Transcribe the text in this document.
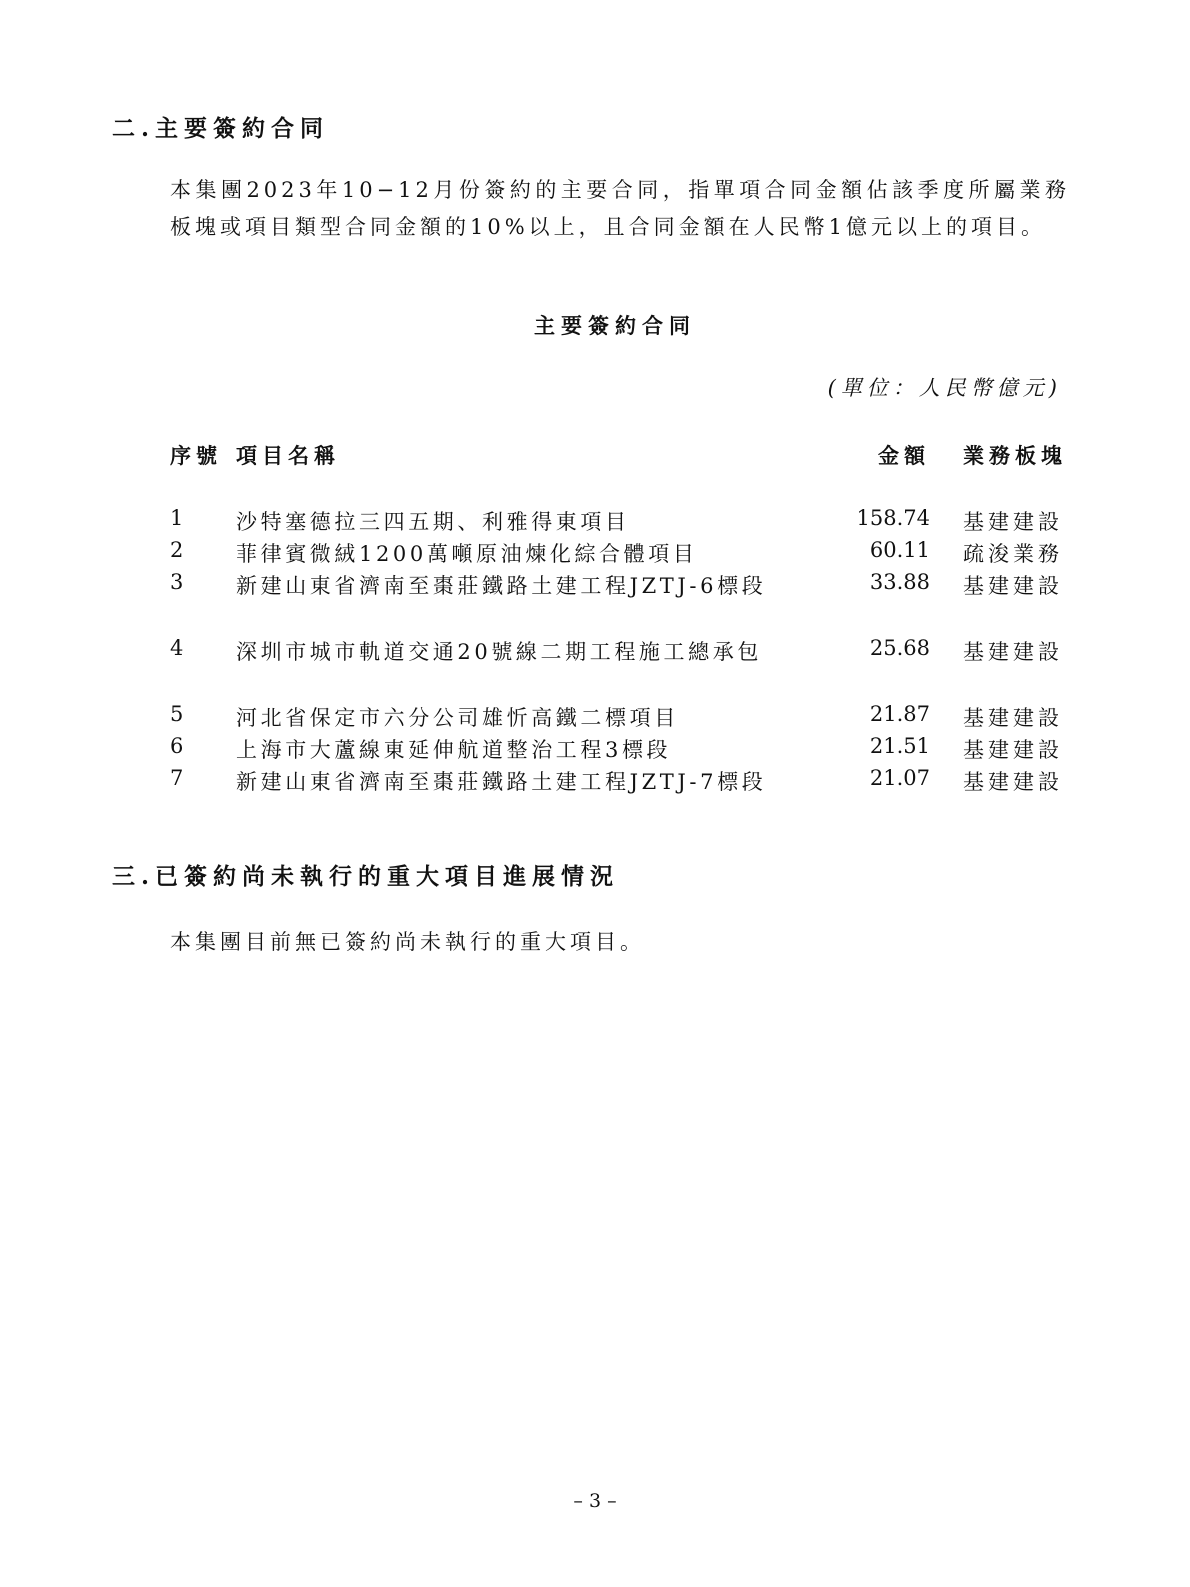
二.主要簽約合同

本集團2023年10−12月份簽約的主要合同，指單項合同金額佔該季度所屬業務板塊或項目類型合同金額的10%以上，且合同金額在人民幣1億元以上的項目。

主要簽約合同
(單位：人民幣億元)
序號 項目名稱	金額 業務板塊
1	沙特塞德拉三四五期、利雅得東項目	158.74 基建建設
2	菲律賓微絨1200萬噸原油煉化綜合體項目	60.11 疏浚業務
3	新建山東省濟南至棗莊鐵路土建工程JZTJ-6標段	33.88 基建建設
4	深圳市城市軌道交通20號線二期工程施工總承包	25.68 基建建設
5	河北省保定市六分公司雄忻高鐵二標項目	21.87 基建建設
6	上海市大蘆線東延伸航道整治工程3標段	21.51 基建建設
7	新建山東省濟南至棗莊鐵路土建工程JZTJ-7標段	21.07 基建建設
三.已簽約尚未執行的重大項目進展情況

本集團目前無已簽約尚未執行的重大項目。

– 3 –
